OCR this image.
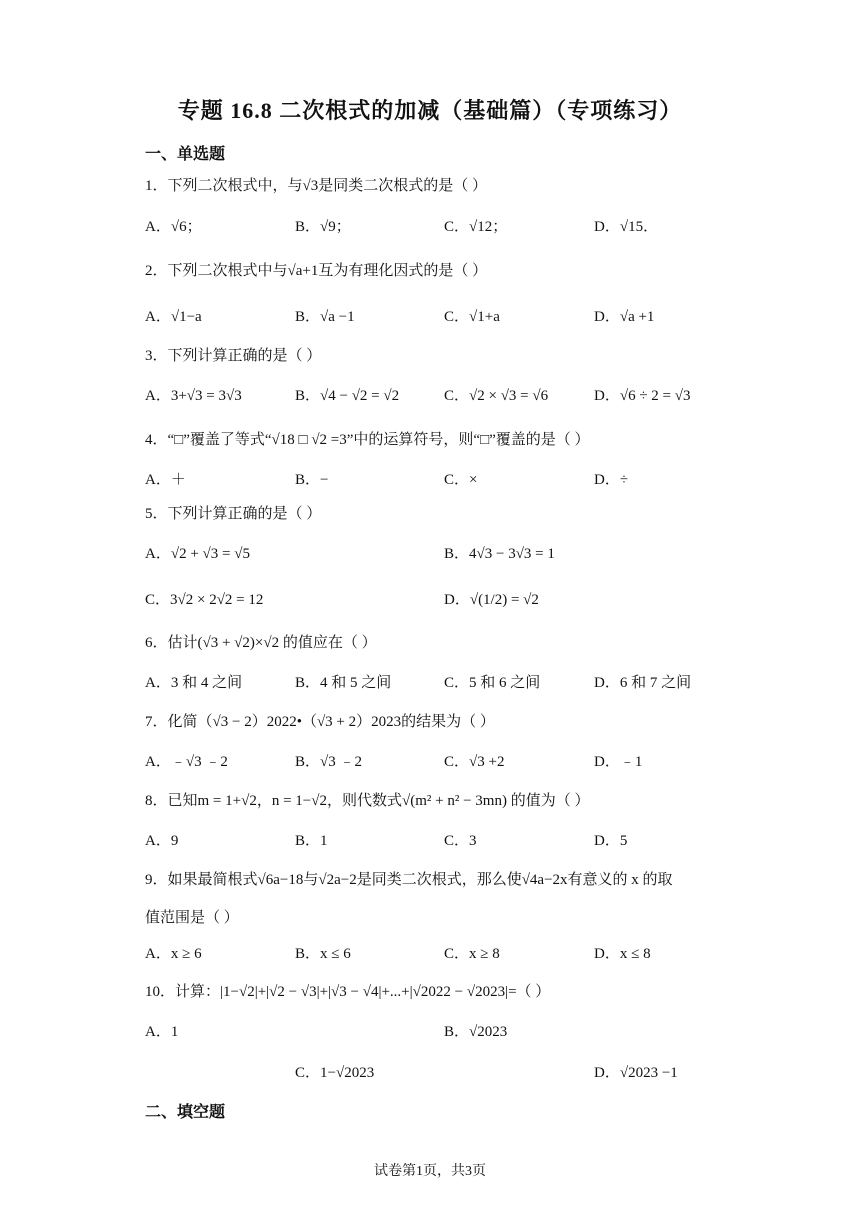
专题 16.8 二次根式的加减（基础篇）（专项练习）
一、单选题
1．下列二次根式中，与√3是同类二次根式的是（ ）
A．√6；	B．√9；	C．√12；	D．√15．
2．下列二次根式中与√a+1互为有理化因式的是（ ）
A．√1−a	B．√a −1	C．√1+a	D．√a +1
3．下列计算正确的是（ ）
A．3+√3 = 3√3	B．√4 − √2 = √2	C．√2 × √3 = √6	D．√6 ÷ 2 = √3
4．“□”覆盖了等式“√18 □ √2 =3”中的运算符号，则“□”覆盖的是（ ）
A．＋	B．−	C．×	D．÷
5．下列计算正确的是（ ）
A．√2 + √3 = √5	B．4√3 − 3√3 = 1
C．3√2 × 2√2 = 12	D．√(1/2) = √2
6．估计(√3 + √2)×√2 的值应在（ ）
A．3 和 4 之间	B．4 和 5 之间	C．5 和 6 之间	D．6 和 7 之间
7．化简（√3 − 2）2022•（√3 + 2）2023的结果为（ ）
A．﹣√3 ﹣2	B．√3 ﹣2	C．√3 +2	D．﹣1
8．已知m = 1+√2，n = 1−√2，则代数式√(m² + n² − 3mn) 的值为（ ）
A．9	B．1	C．3	D．5
9．如果最简根式√6a−18与√2a−2是同类二次根式，那么使√4a−2x有意义的 x 的取
值范围是（ ）
A．x ≥ 6	B．x ≤ 6	C．x ≥ 8	D．x ≤ 8
10．计算：|1−√2|+|√2 − √3|+|√3 − √4|+...+|√2022 − √2023|=（ ）
A．1	B．√2023
C．1−√2023	D．√2023 −1
二、填空题
试卷第1页，共3页
